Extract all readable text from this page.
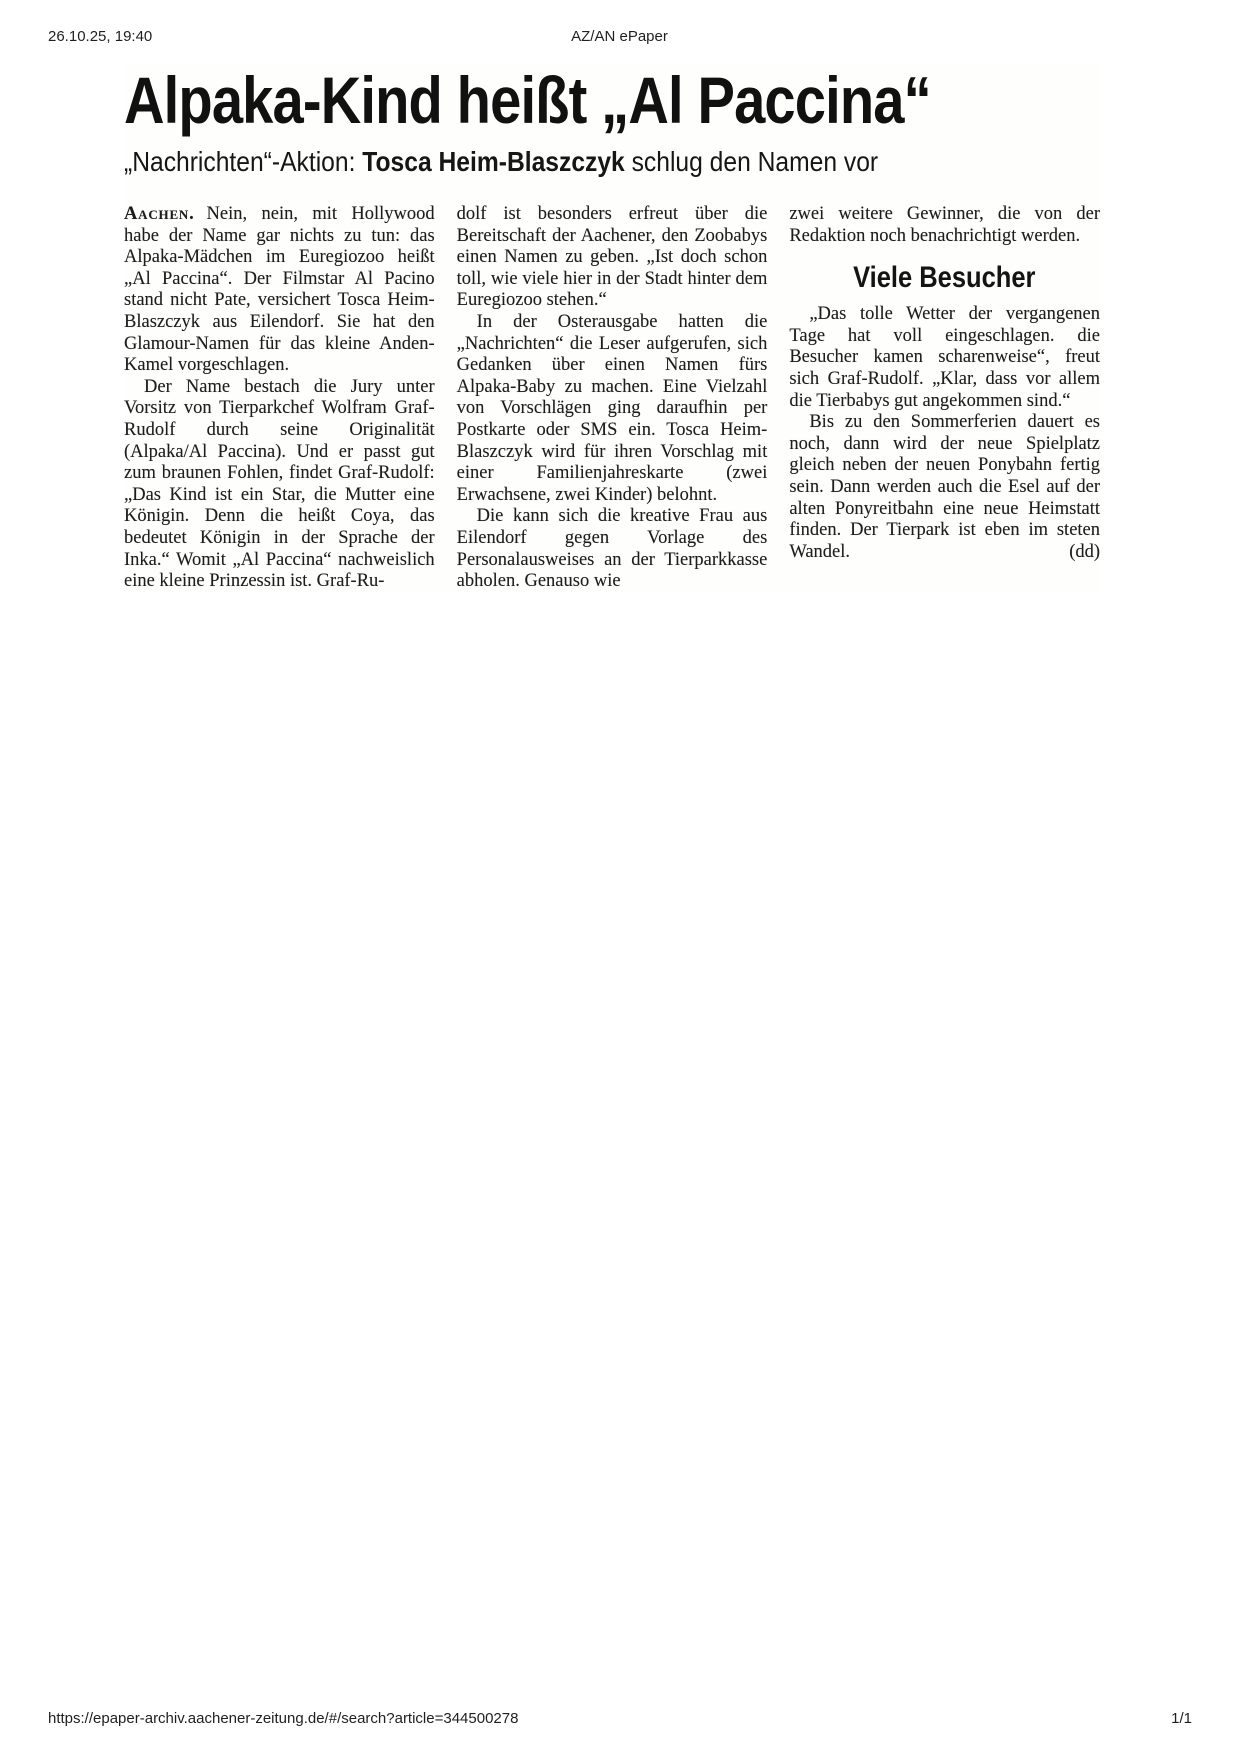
26.10.25, 19:40	AZ/AN ePaper
Alpaka-Kind heißt „Al Paccina“
„Nachrichten“-Aktion: Tosca Heim-Blaszczyk schlug den Namen vor

Aachen. Nein, nein, mit Hollywood habe der Name gar nichts zu tun: das Alpaka-Mädchen im Euregiozoo heißt „Al Paccina“. Der Filmstar Al Pacino stand nicht Pate, versichert Tosca Heim-Blaszczyk aus Eilendorf. Sie hat den Glamour-Namen für das kleine Anden-Kamel vorgeschlagen.

Der Name bestach die Jury unter Vorsitz von Tierparkchef Wolfram Graf-Rudolf durch seine Originalität (Alpaka/Al Paccina). Und er passt gut zum braunen Fohlen, findet Graf-Rudolf: „Das Kind ist ein Star, die Mutter eine Königin. Denn die heißt Coya, das bedeutet Königin in der Sprache der Inka.“ Womit „Al Paccina“ nachweislich eine kleine Prinzessin ist. Graf-Ru-

dolf ist besonders erfreut über die Bereitschaft der Aachener, den Zoobabys einen Namen zu geben. „Ist doch schon toll, wie viele hier in der Stadt hinter dem Euregiozoo stehen.“

In der Osterausgabe hatten die „Nachrichten“ die Leser aufgerufen, sich Gedanken über einen Namen fürs Alpaka-Baby zu machen. Eine Vielzahl von Vorschlägen ging daraufhin per Postkarte oder SMS ein. Tosca Heim-Blaszczyk wird für ihren Vorschlag mit einer Familienjahreskarte (zwei Erwachsene, zwei Kinder) belohnt.

Die kann sich die kreative Frau aus Eilendorf gegen Vorlage des Personalausweises an der Tierparkkasse abholen. Genauso wie

zwei weitere Gewinner, die von der Redaktion noch benachrichtigt werden.

Viele Besucher

„Das tolle Wetter der vergangenen Tage hat voll eingeschlagen. die Besucher kamen scharenweise“, freut sich Graf-Rudolf. „Klar, dass vor allem die Tierbabys gut angekommen sind.“

Bis zu den Sommerferien dauert es noch, dann wird der neue Spielplatz gleich neben der neuen Ponybahn fertig sein. Dann werden auch die Esel auf der alten Ponyreitbahn eine neue Heimstatt finden. Der Tierpark ist eben im steten Wandel.	(dd)

https://epaper-archiv.aachener-zeitung.de/#/search?article=344500278	1/1
